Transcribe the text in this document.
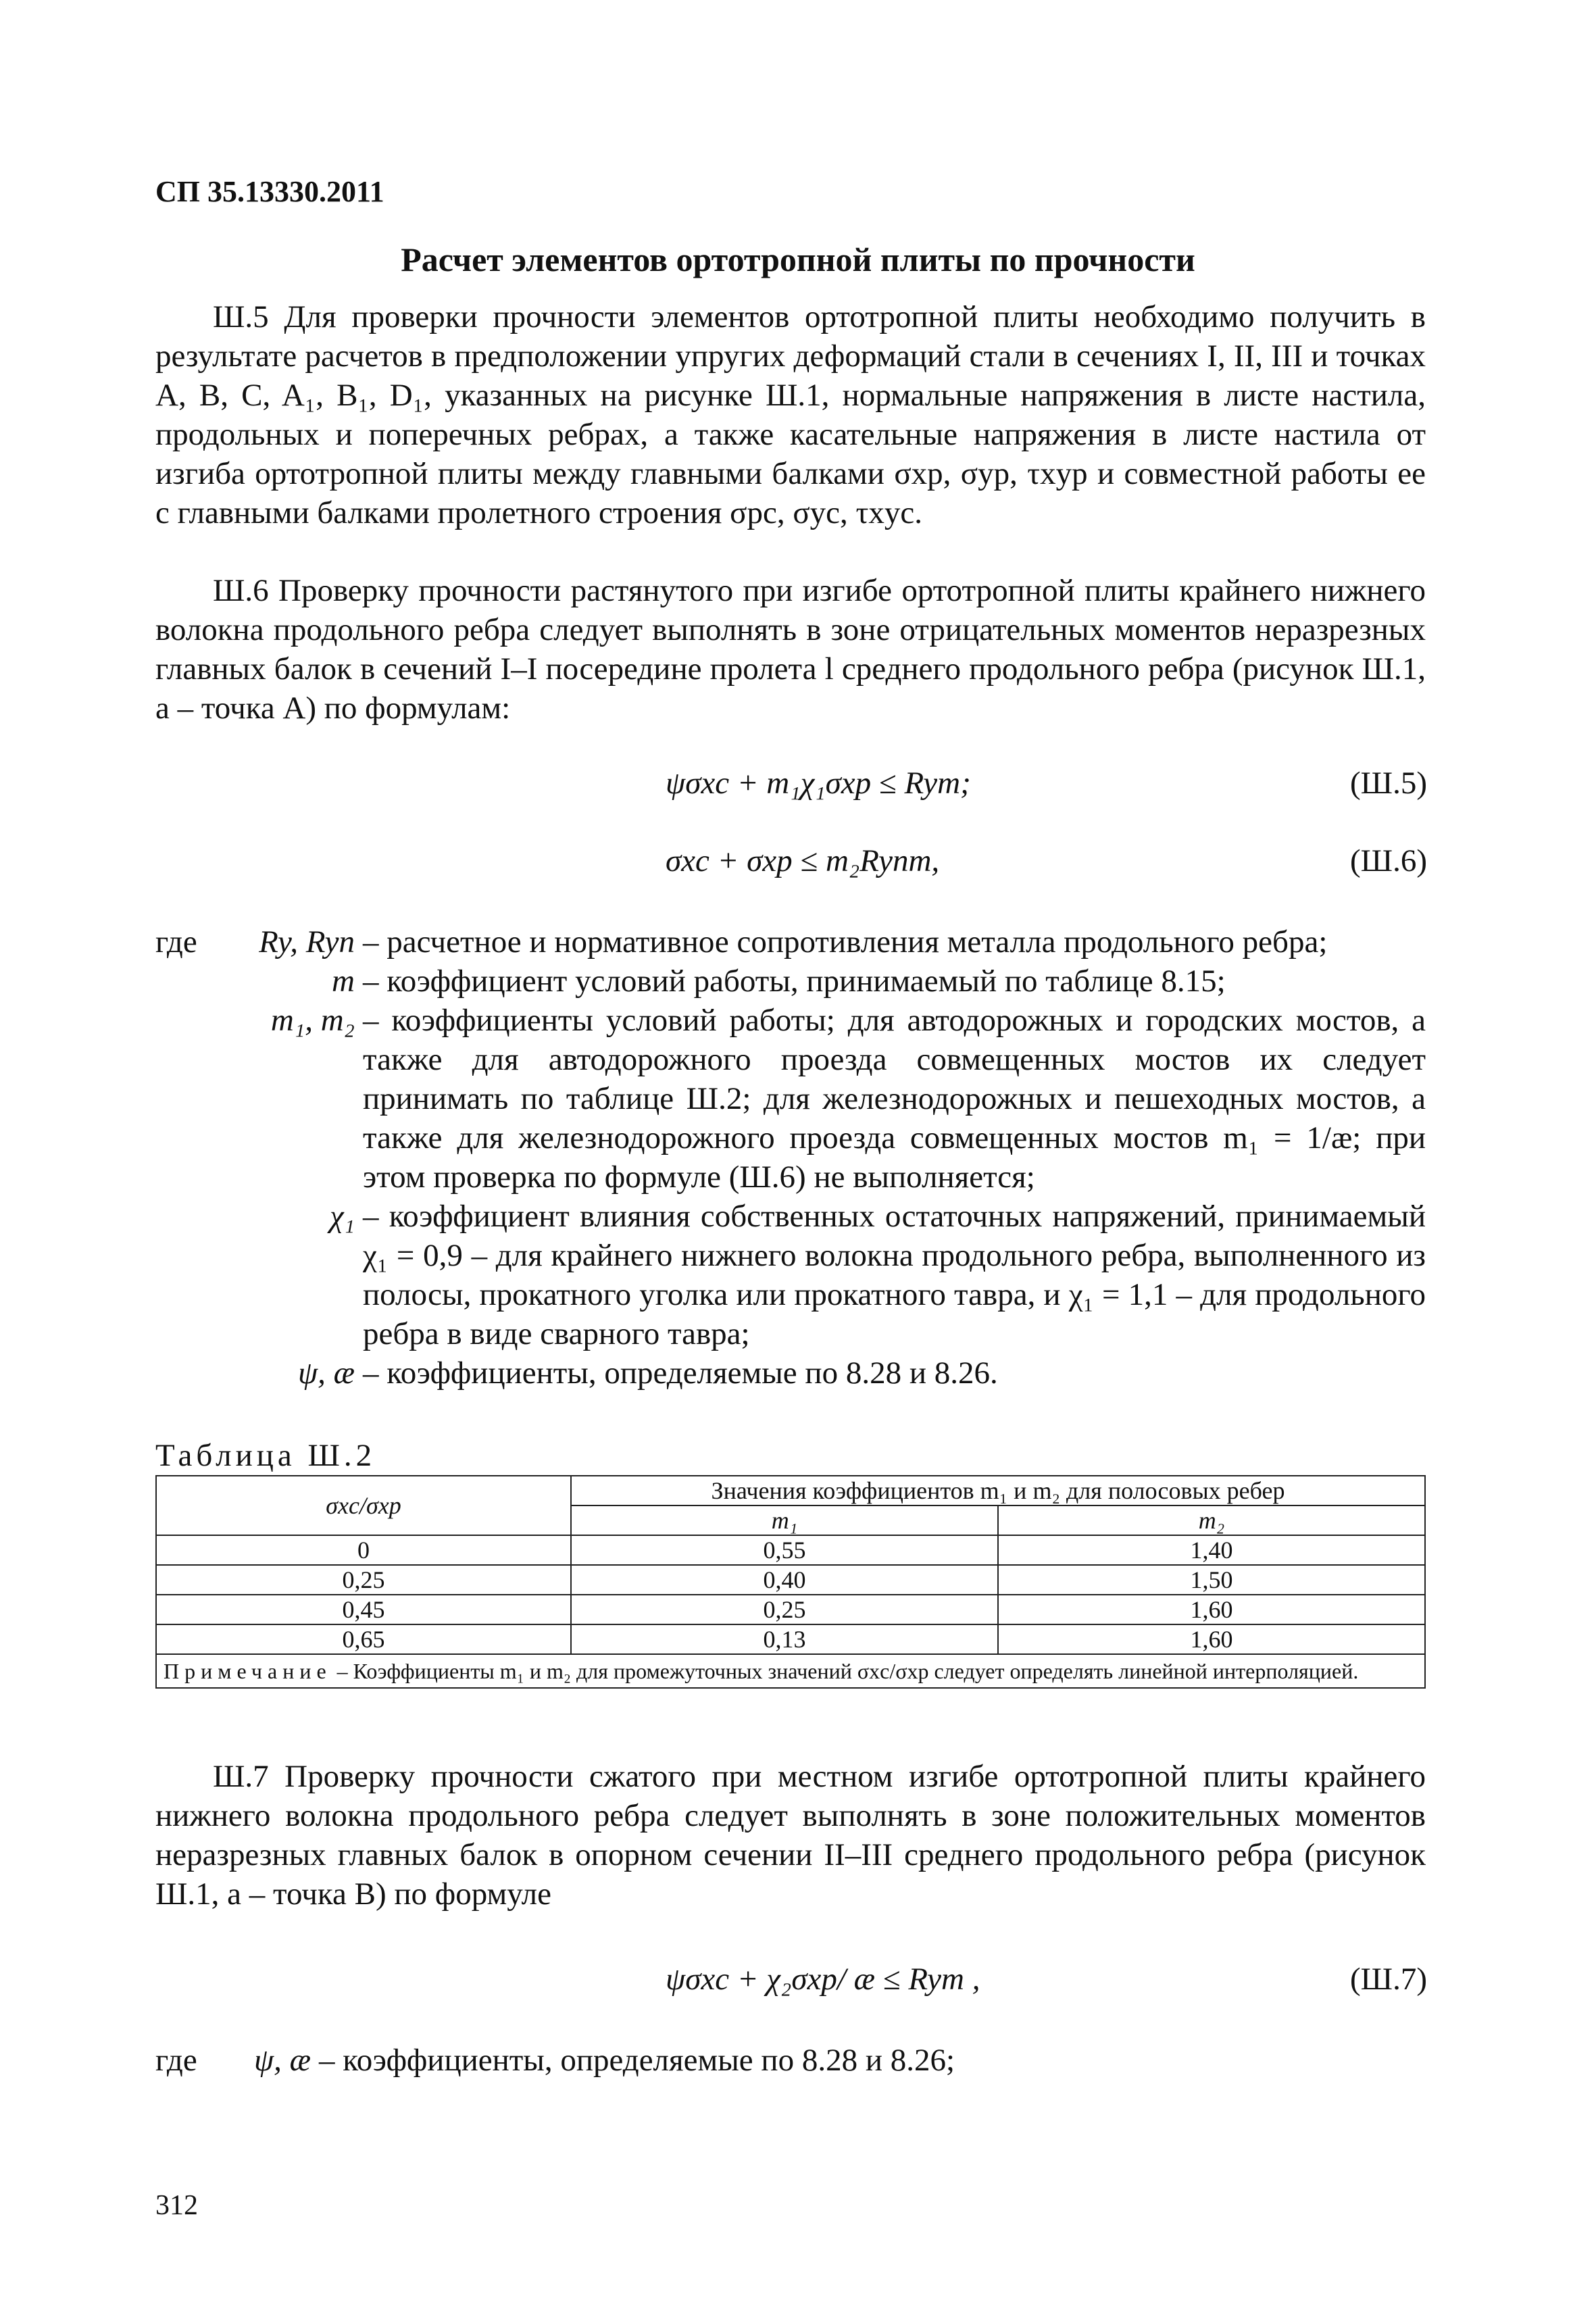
СП 35.13330.2011
Расчет элементов ортотропной плиты по прочности

Ш.5 Для проверки прочности элементов ортотропной плиты необходимо получить в результате расчетов в предположении упругих деформаций стали в сечениях I, II, III и точках A, B, C, A₁, B₁, D₁, указанных на рисунке Ш.1, нормальные напряжения в листе настила, продольных и поперечных ребрах, а также касательные напряжения в листе настила от изгиба ортотропной плиты между главными балками σxp, σyp, τxyp и совместной работы ее с главными балками пролетного строения σpc, σyc, τxyc.

Ш.6 Проверку прочности растянутого при изгибе ортотропной плиты крайнего нижнего волокна продольного ребра следует выполнять в зоне отрицательных моментов неразрезных главных балок в сечений I–I посередине пролета l среднего продольного ребра (рисунок Ш.1, а – точка А) по формулам:

ψσxc + m₁χ₁σxp ≤ Rym;	(Ш.5)
σxc + σxp ≤ m₂Rynm,	(Ш.6)
где	Ry, Ryn – расчетное и нормативное сопротивления металла продольного ребра;
m – коэффициент условий работы, принимаемый по таблице 8.15;
m₁, m₂ – коэффициенты условий работы; для автодорожных и городских мостов, а также для автодорожного проезда совмещенных мостов их следует принимать по таблице Ш.2; для железнодорожных и пешеходных мостов, а также для железнодорожного проезда совмещенных мостов m₁ = 1/æ; при этом проверка по формуле (Ш.6) не выполняется;
χ₁ – коэффициент влияния собственных остаточных напряжений, принимаемый χ₁ = 0,9 – для крайнего нижнего волокна продольного ребра, выполненного из полосы, прокатного уголка или прокатного тавра, и χ₁ = 1,1 – для продольного ребра в виде сварного тавра;
ψ, æ – коэффициенты, определяемые по 8.28 и 8.26.
Таблица Ш.2
σxc/σxp	Значения коэффициентов m₁ и m₂ для полосовых ребер	
	m₁	m₂
0	0,55	1,40
0,25	0,40	1,50
0,45	0,25	1,60
0,65	0,13	1,60
Примечание – Коэффициенты m₁ и m₂ для промежуточных значений σxc/σxp следует определять линейной интерполяцией.		

Ш.7 Проверку прочности сжатого при местном изгибе ортотропной плиты крайнего нижнего волокна продольного ребра следует выполнять в зоне положительных моментов неразрезных главных балок в опорном сечении II–III среднего продольного ребра (рисунок Ш.1, а – точка В) по формуле

ψσxc + χ₂σxp/ æ ≤ Rym ,	(Ш.7)
где	ψ, æ – коэффициенты, определяемые по 8.28 и 8.26;
312
